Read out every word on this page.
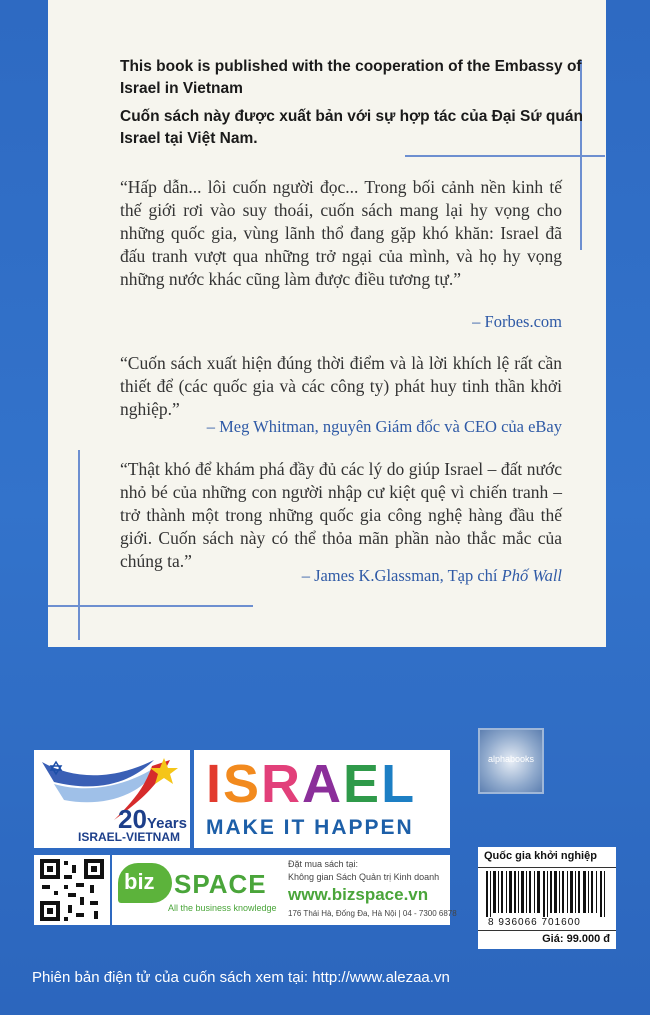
This book is published with the cooperation of the Embassy of Israel in Vietnam

Cuốn sách này được xuất bản với sự hợp tác của Đại Sứ quán Israel tại Việt Nam.

“Hấp dẫn... lôi cuốn người đọc... Trong bối cảnh nền kinh tế thế giới rơi vào suy thoái, cuốn sách mang lại hy vọng cho những quốc gia, vùng lãnh thổ đang gặp khó khăn: Israel đã đấu tranh vượt qua những trở ngại của mình, và họ hy vọng những nước khác cũng làm được điều tương tự.”

– Forbes.com

“Cuốn sách xuất hiện đúng thời điểm và là lời khích lệ rất cần thiết để (các quốc gia và các công ty) phát huy tinh thần khởi nghiệp.”

– Meg Whitman, nguyên Giám đốc và CEO của eBay

“Thật khó để khám phá đầy đủ các lý do giúp Israel – đất nước nhỏ bé của những con người nhập cư kiệt quệ vì chiến tranh – trở thành một trong những quốc gia công nghệ hàng đầu thế giới. Cuốn sách này có thể thỏa mãn phần nào thắc mắc của chúng ta.”

– James K.Glassman, Tạp chí Phố Wall

20Years
ISRAEL-VIETNAM
ISRAEL
MAKE IT HAPPEN
alphabooks
biz SPACE
All the business knowledge
Đặt mua sách tại:
Không gian Sách Quản trị Kinh doanh
www.bizspace.vn
176 Thái Hà, Đống Đa, Hà Nội | 04 - 7300 6878
Quốc gia khởi nghiệp
8 936066 701600
Giá: 99.000 đ

Phiên bản điện tử của cuốn sách xem tại: http://www.alezaa.vn
